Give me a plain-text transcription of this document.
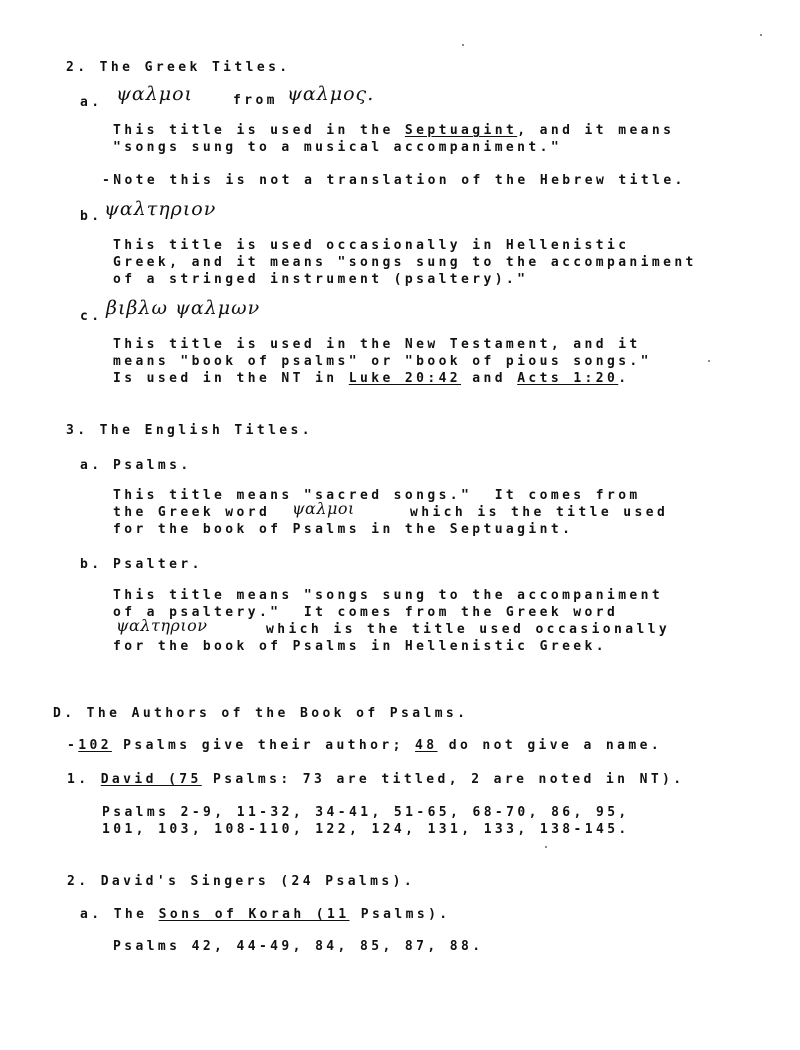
2. The Greek Titles.
a. ψαλμοι	from ψαλμος.
This title is used in the Septuagint, and it means
"songs sung to a musical accompaniment."
-Note this is not a translation of the Hebrew title.
b. ψαλτηριον
This title is used occasionally in Hellenistic
Greek, and it means "songs sung to the accompaniment
of a stringed instrument (psaltery)."
c. βιβλω ψαλμων
This title is used in the New Testament, and it
means "book of psalms" or "book of pious songs."
Is used in the NT in Luke 20:42 and Acts 1:20.
3. The English Titles.
a. Psalms.
This title means "sacred songs."  It comes from
the Greek word ψαλμοι	which is the title used
for the book of Psalms in the Septuagint.
b. Psalter.
This title means "songs sung to the accompaniment
of a psaltery."  It comes from the Greek word
ψαλτηριον	which is the title used occasionally
for the book of Psalms in Hellenistic Greek.
D. The Authors of the Book of Psalms.
-102 Psalms give their author; 48 do not give a name.
1. David (75 Psalms: 73 are titled, 2 are noted in NT).
Psalms 2-9, 11-32, 34-41, 51-65, 68-70, 86, 95,
101, 103, 108-110, 122, 124, 131, 133, 138-145.
2. David's Singers (24 Psalms).
a. The Sons of Korah (11 Psalms).
Psalms 42, 44-49, 84, 85, 87, 88.
